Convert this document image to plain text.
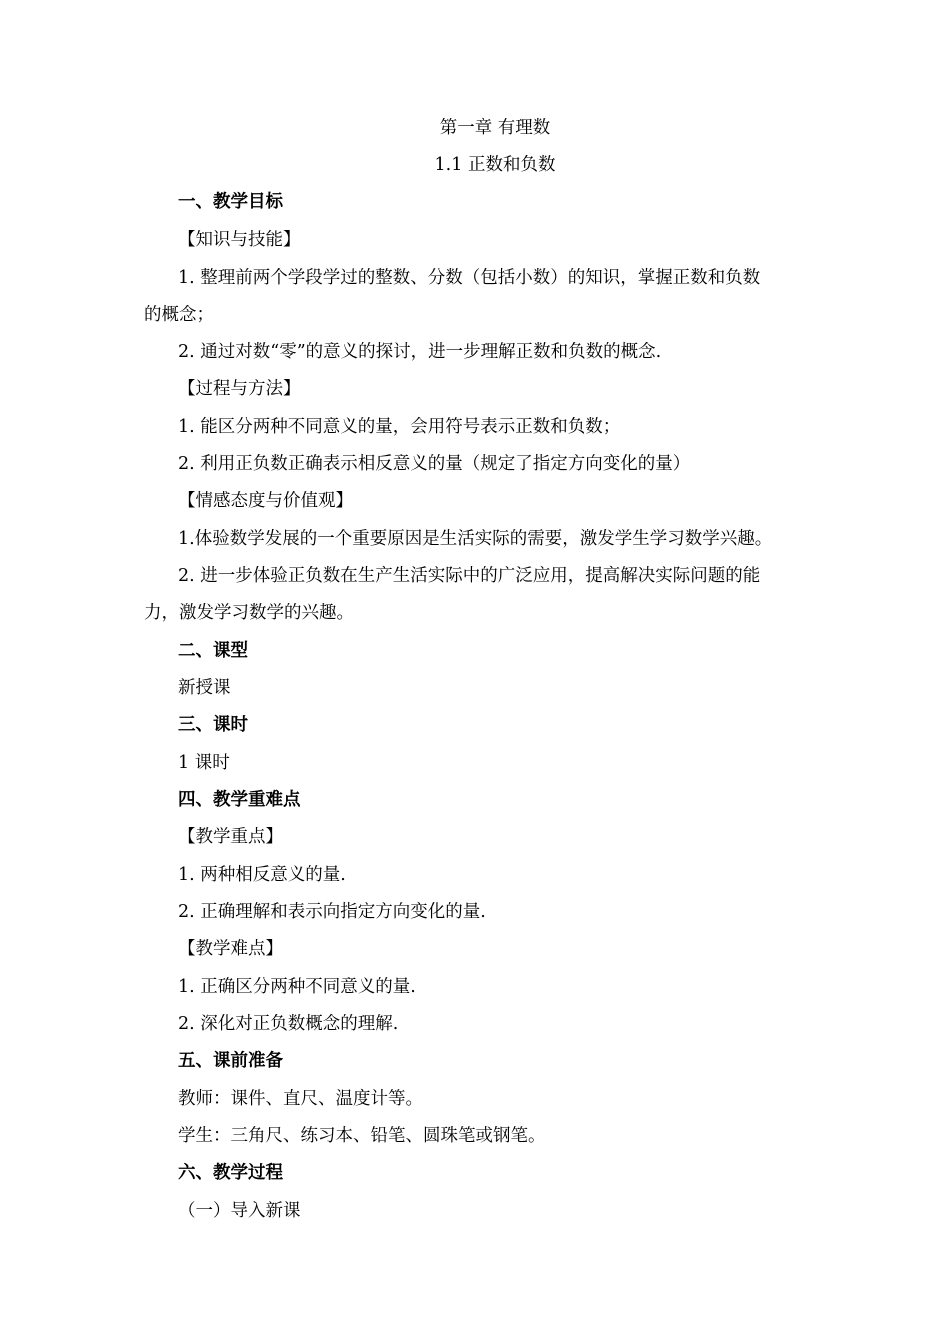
第一章 有理数
1.1 正数和负数
一、教学目标
【知识与技能】
1. 整理前两个学段学过的整数、分数（包括小数）的知识，掌握正数和负数
的概念；
2. 通过对数“零”的意义的探讨，进一步理解正数和负数的概念.
【过程与方法】
1. 能区分两种不同意义的量，会用符号表示正数和负数；
2. 利用正负数正确表示相反意义的量（规定了指定方向变化的量）
【情感态度与价值观】
1.体验数学发展的一个重要原因是生活实际的需要，激发学生学习数学兴趣。
2. 进一步体验正负数在生产生活实际中的广泛应用，提高解决实际问题的能
力，激发学习数学的兴趣。
二、课型
新授课
三、课时
1 课时
四、教学重难点
【教学重点】
1. 两种相反意义的量.
2. 正确理解和表示向指定方向变化的量.
【教学难点】
1. 正确区分两种不同意义的量.
2. 深化对正负数概念的理解.
五、课前准备
教师：课件、直尺、温度计等。
学生：三角尺、练习本、铅笔、圆珠笔或钢笔。
六、教学过程
（一）导入新课
